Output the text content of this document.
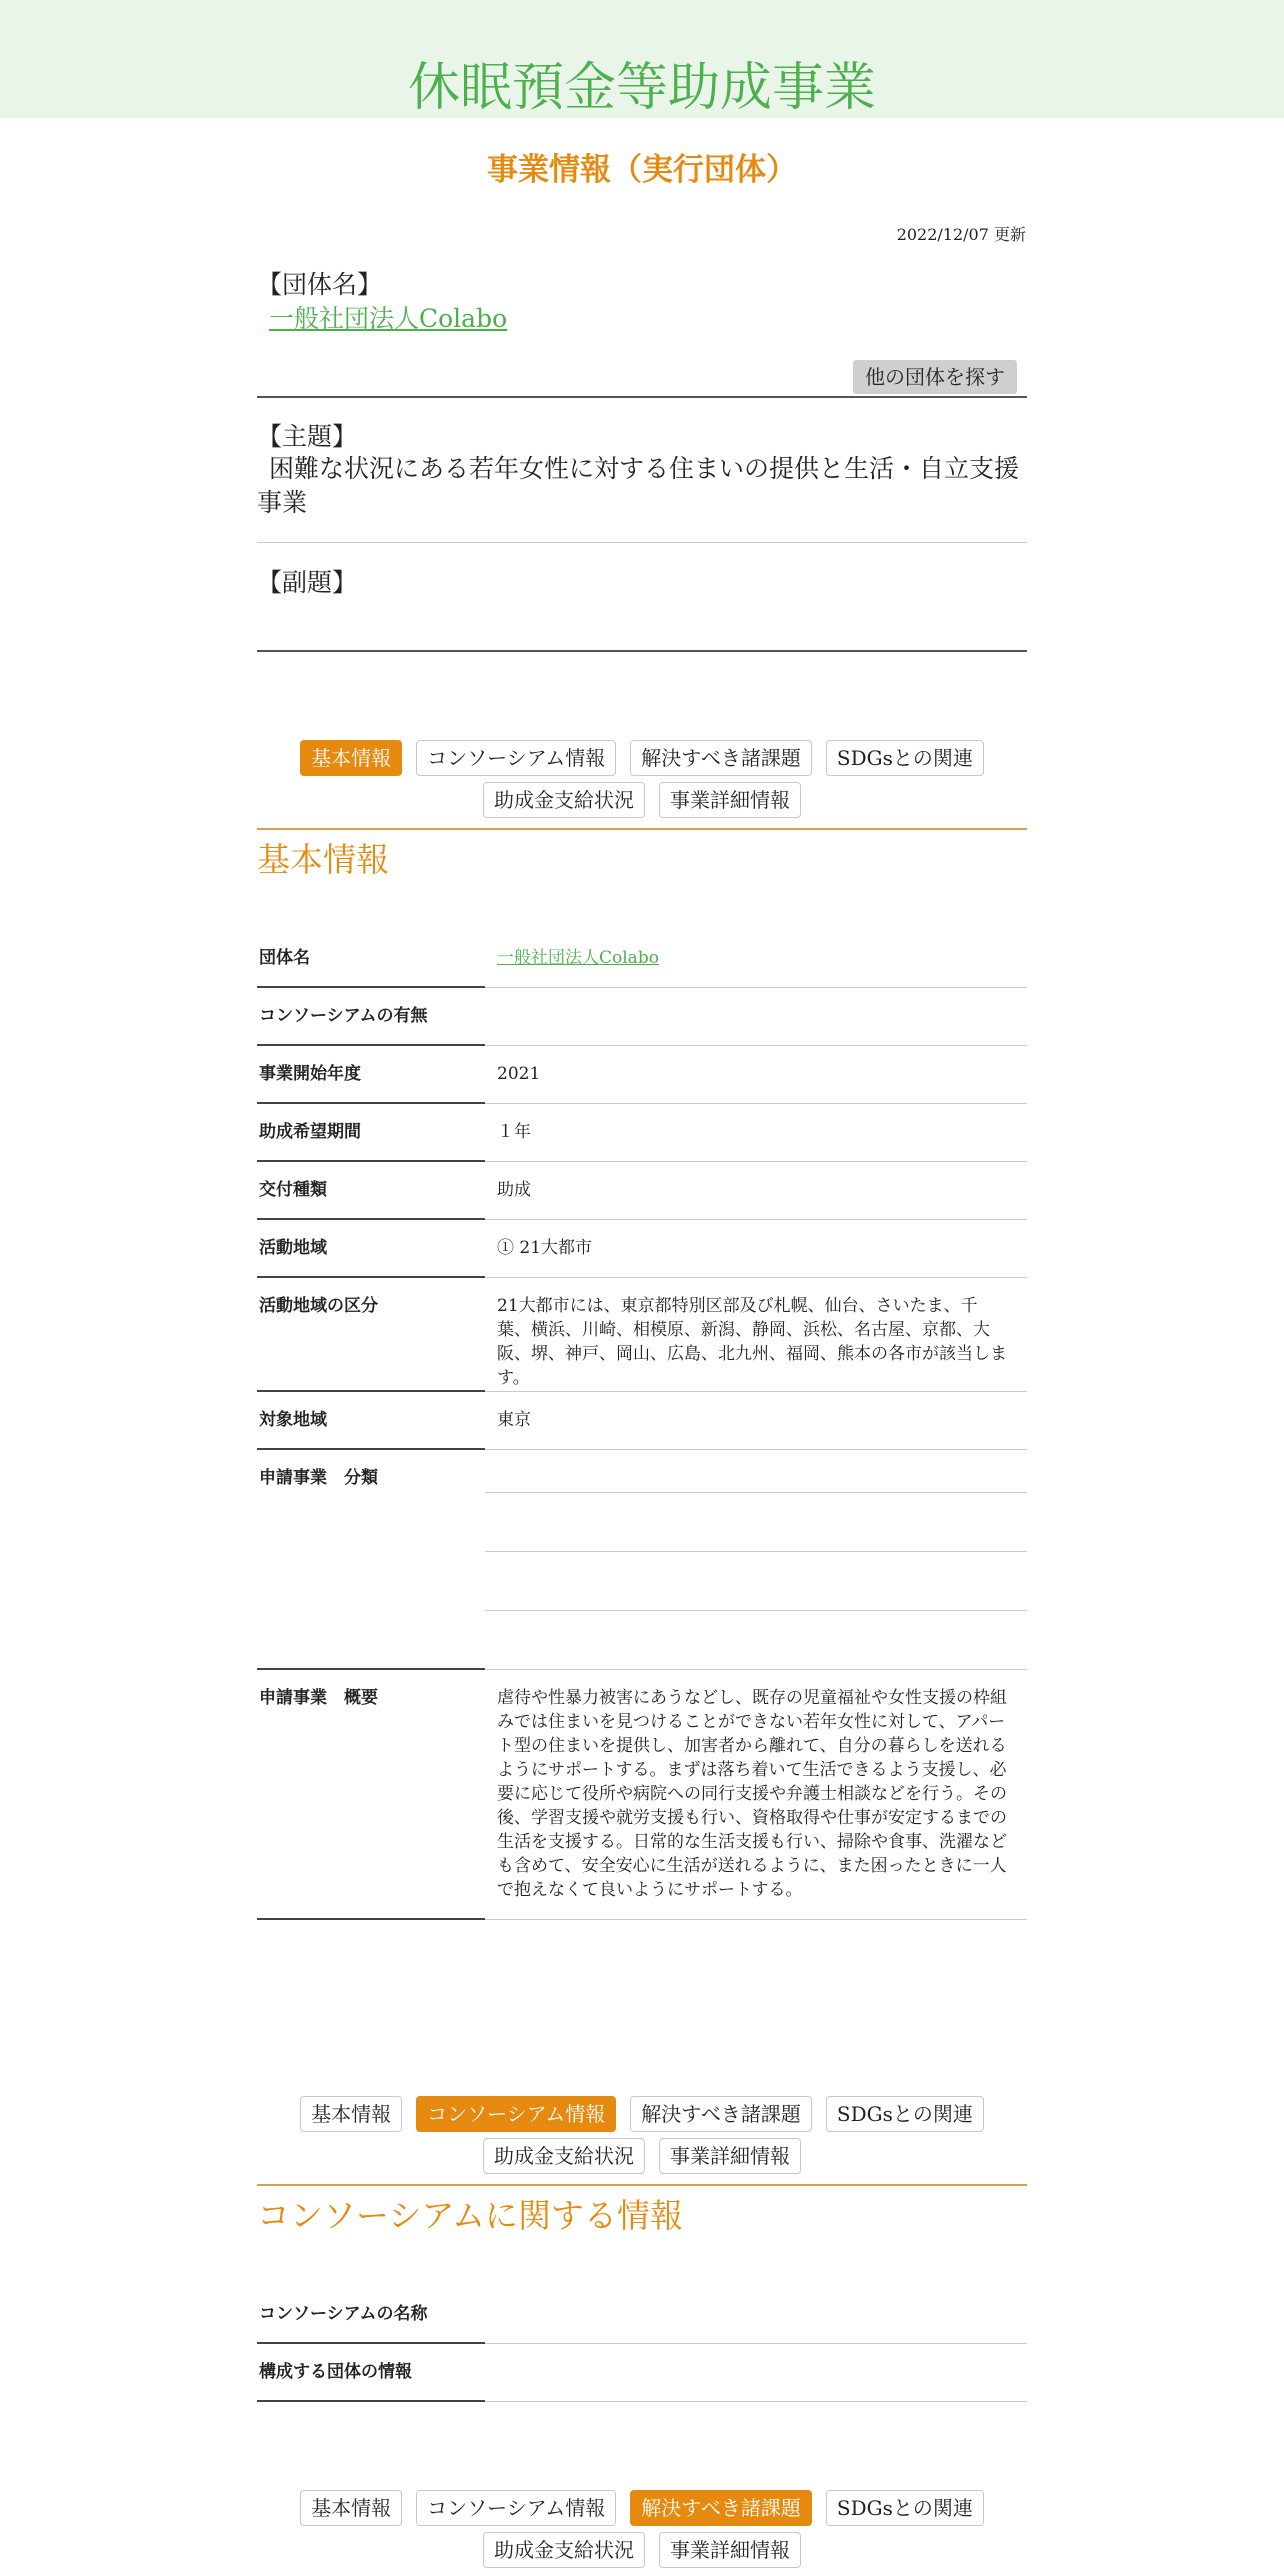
休眠預金等助成事業
事業情報（実行団体）
2022/12/07 更新
【団体名】
一般社団法人Colabo
他の団体を探す
【主題】
困難な状況にある若年女性に対する住まいの提供と生活・自立支援事業
【副題】
基本情報	コンソーシアム情報	解決すべき諸課題	SDGsとの関連
助成金支給状況	事業詳細情報
基本情報
団体名	一般社団法人Colabo
コンソーシアムの有無	
事業開始年度	2021
助成希望期間	１年
交付種類	助成
活動地域	① 21大都市
活動地域の区分	21大都市には、東京都特別区部及び札幌、仙台、さいたま、千葉、横浜、川崎、相模原、新潟、静岡、浜松、名古屋、京都、大阪、堺、神戸、岡山、広島、北九州、福岡、熊本の各市が該当します。
対象地域	東京
申請事業　分類	

申請事業　概要	虐待や性暴力被害にあうなどし、既存の児童福祉や女性支援の枠組みでは住まいを見つけることができない若年女性に対して、アパート型の住まいを提供し、加害者から離れて、自分の暮らしを送れるようにサポートする。まずは落ち着いて生活できるよう支援し、必要に応じて役所や病院への同行支援や弁護士相談などを行う。その後、学習支援や就労支援も行い、資格取得や仕事が安定するまでの生活を支援する。日常的な生活支援も行い、掃除や食事、洗濯なども含めて、安全安心に生活が送れるように、また困ったときに一人で抱えなくて良いようにサポートする。
基本情報	コンソーシアム情報	解決すべき諸課題	SDGsとの関連
助成金支給状況	事業詳細情報
コンソーシアムに関する情報
コンソーシアムの名称	
構成する団体の情報	
基本情報	コンソーシアム情報	解決すべき諸課題	SDGsとの関連
助成金支給状況	事業詳細情報
